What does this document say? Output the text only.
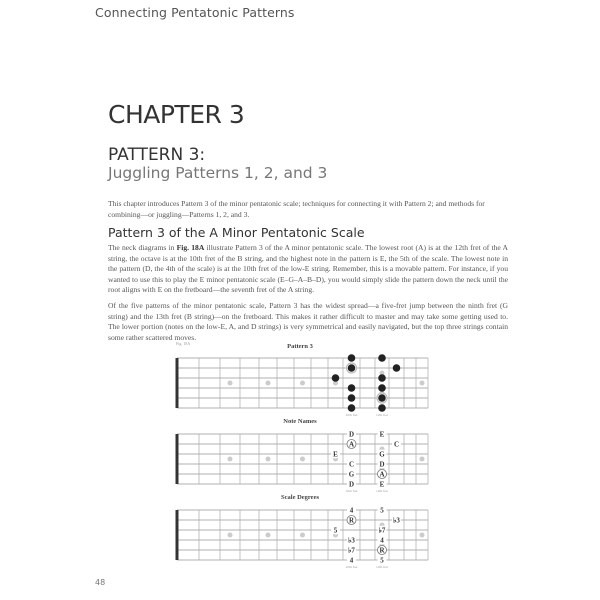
Connecting Pentatonic Patterns
CHAPTER 3
PATTERN 3:
Juggling Patterns 1, 2, and 3
This chapter introduces Pattern 3 of the minor pentatonic scale; techniques for connecting it with Pattern 2; and methods for combining—or juggling—Patterns 1, 2, and 3.
Pattern 3 of the A Minor Pentatonic Scale
The neck diagrams in Fig. 18A illustrate Pattern 3 of the A minor pentatonic scale. The lowest root (A) is at the 12th fret of the A string, the octave is at the 10th fret of the B string, and the highest note in the pattern is E, the 5th of the scale. The lowest note in the pattern (D, the 4th of the scale) is at the 10th fret of the low-E string. Remember, this is a movable pattern. For instance, if you wanted to use this to play the E minor pentatonic scale (E–G–A–B–D), you would simply slide the pattern down the neck until the root aligns with E on the fretboard—the seventh fret of the A string.
Of the five patterns of the minor pentatonic scale, Pattern 3 has the widest spread—a five-fret jump between the ninth fret (G string) and the 13th fret (B string)—on the fretboard. This makes it rather difficult to master and may take some getting used to. The lower portion (notes on the low-E, A, and D strings) is very symmetrical and easily navigated, but the top three strings contain some rather scattered moves.
Fig. 18A	Pattern 3
Note Names
Scale Degrees
10th fret	12th fret
D	E
A	C
E	G
C	D
G	A
D	E
10th fret	12th fret
4	5
R	♭3
5	♭7
♭3	4
♭7	R
4	5
10th fret	12th fret
48
